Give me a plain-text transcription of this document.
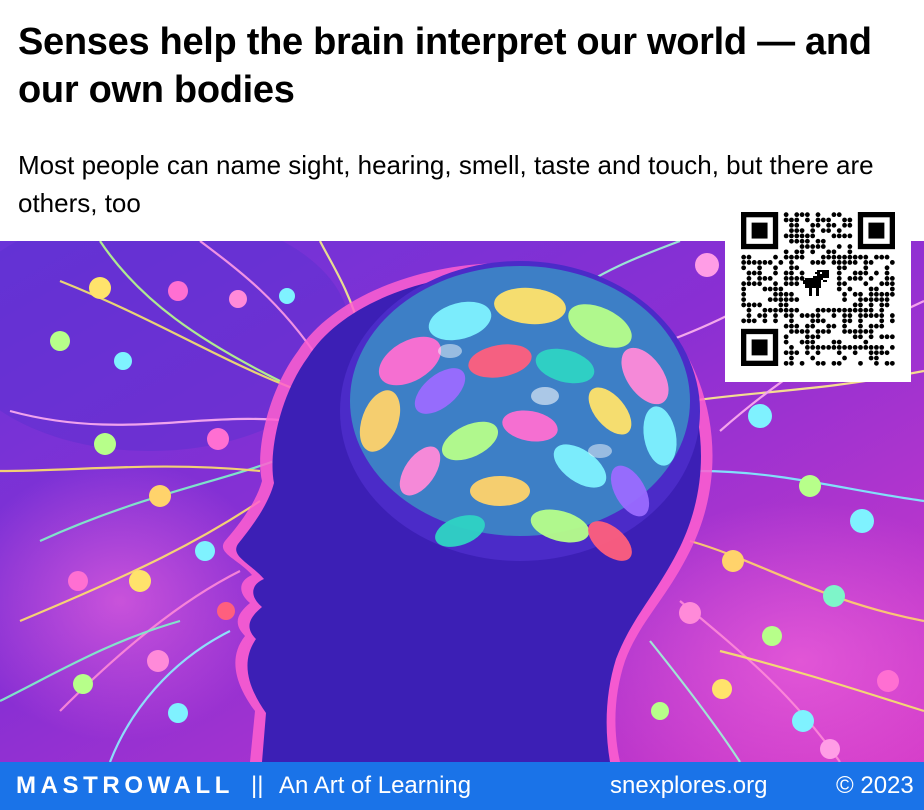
Senses help the brain interpret our world — and our own bodies

Most people can name sight, hearing, smell, taste and touch, but there are others, too

MASTROWALL || An Art of Learning	snexplores.org	© 2023
